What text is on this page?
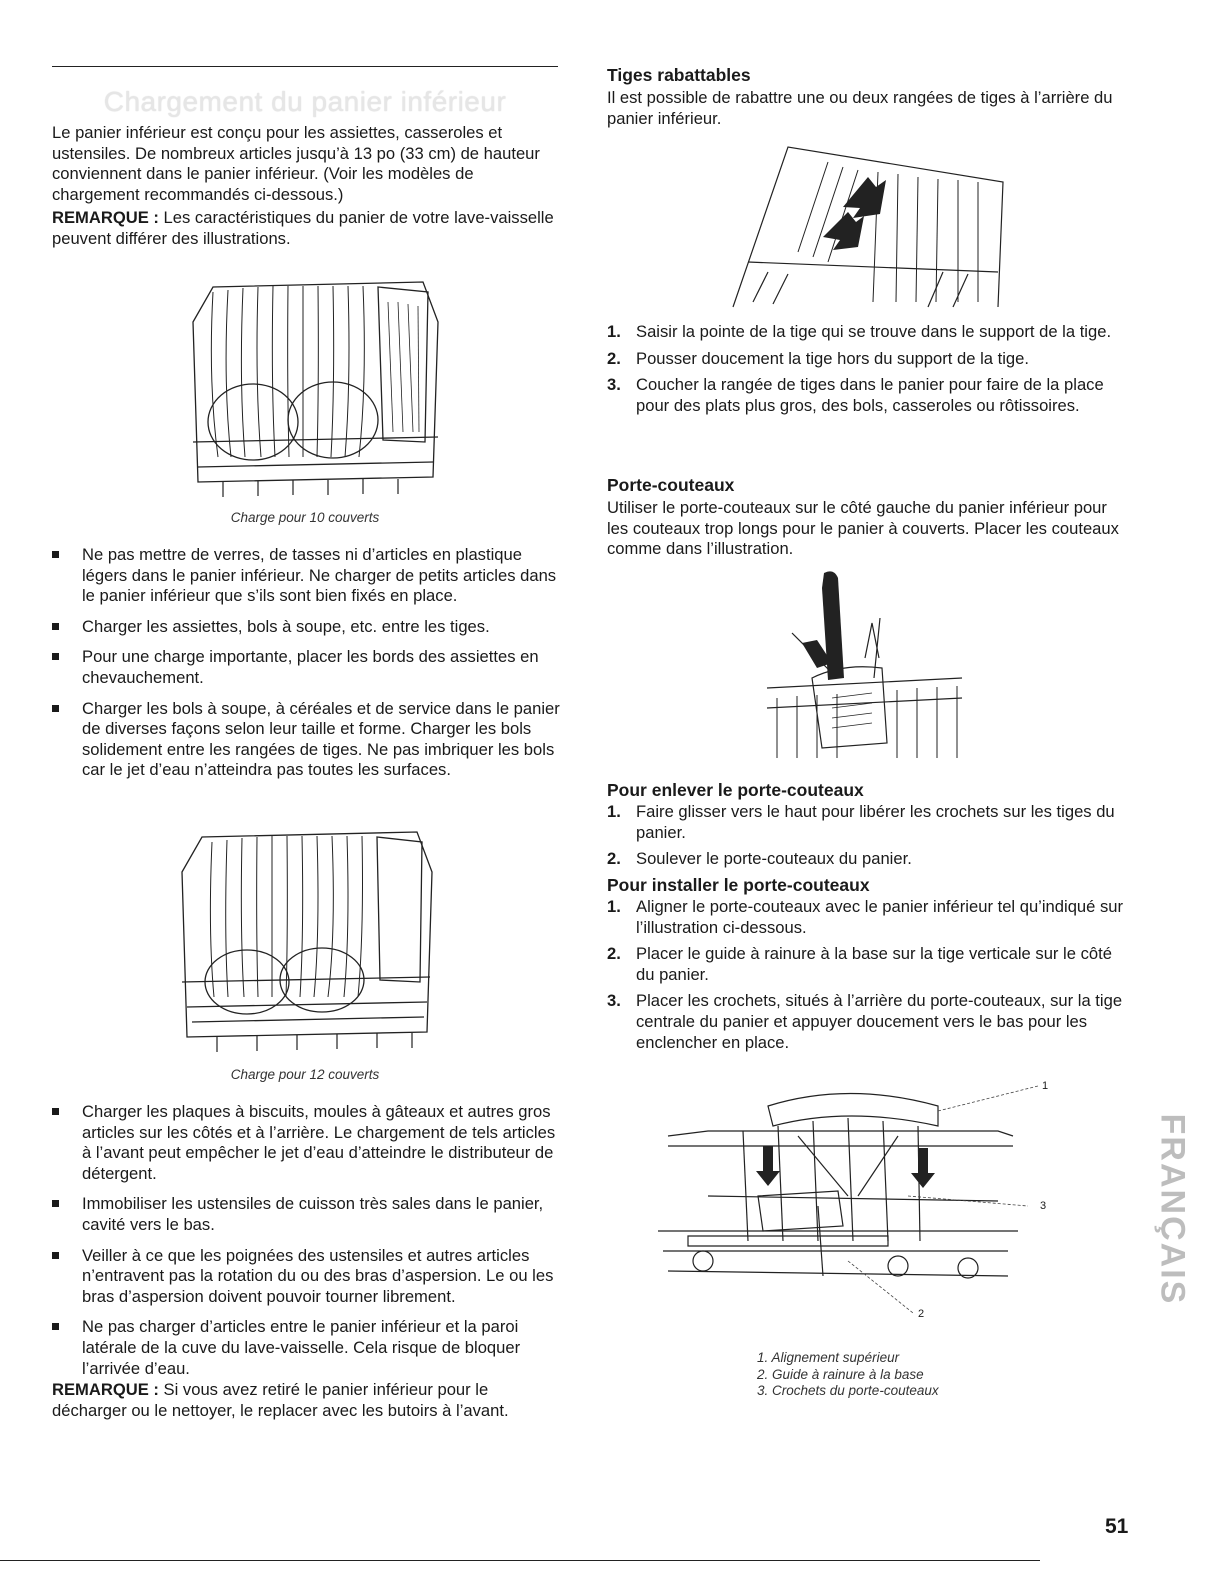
Chargement du panier inférieur

Le panier inférieur est conçu pour les assiettes, casseroles et ustensiles. De nombreux articles jusqu’à 13 po (33 cm) de hauteur conviennent dans le panier inférieur. (Voir les modèles de chargement recommandés ci-dessous.)

REMARQUE : Les caractéristiques du panier de votre lave-vaisselle peuvent différer des illustrations.

Charge pour 10 couverts
Ne pas mettre de verres, de tasses ni d’articles en plastique légers dans le panier inférieur. Ne charger de petits articles dans le panier inférieur que s’ils sont bien fixés en place.
Charger les assiettes, bols à soupe, etc. entre les tiges.
Pour une charge importante, placer les bords des assiettes en chevauchement.
Charger les bols à soupe, à céréales et de service dans le panier de diverses façons selon leur taille et forme. Charger les bols solidement entre les rangées de tiges. Ne pas imbriquer les bols car le jet d’eau n’atteindra pas toutes les surfaces.
Charge pour 12 couverts
Charger les plaques à biscuits, moules à gâteaux et autres gros articles sur les côtés et à l’arrière. Le chargement de tels articles à l’avant peut empêcher le jet d’eau d’atteindre le distributeur de détergent.
Immobiliser les ustensiles de cuisson très sales dans le panier, cavité vers le bas.
Veiller à ce que les poignées des ustensiles et autres articles n’entravent pas la rotation du ou des bras d’aspersion. Le ou les bras d’aspersion doivent pouvoir tourner librement.
Ne pas charger d’articles entre le panier inférieur et la paroi latérale de la cuve du lave-vaisselle. Cela risque de bloquer l’arrivée d’eau.

REMARQUE : Si vous avez retiré le panier inférieur pour le décharger ou le nettoyer, le replacer avec les butoirs à l’avant.

Tiges rabattables

Il est possible de rabattre une ou deux rangées de tiges à l’arrière du panier inférieur.

1. Saisir la pointe de la tige qui se trouve dans le support de la tige.
2. Pousser doucement la tige hors du support de la tige.
3. Coucher la rangée de tiges dans le panier pour faire de la place pour des plats plus gros, des bols, casseroles ou rôtissoires.
Porte-couteaux

Utiliser le porte-couteaux sur le côté gauche du panier inférieur pour les couteaux trop longs pour le panier à couverts. Placer les couteaux comme dans l’illustration.

Pour enlever le porte-couteaux
1. Faire glisser vers le haut pour libérer les crochets sur les tiges du panier.
2. Soulever le porte-couteaux du panier.
Pour installer le porte-couteaux
1. Aligner le porte-couteaux avec le panier inférieur tel qu’indiqué sur l’illustration ci-dessous.
2. Placer le guide à rainure à la base sur la tige verticale sur le côté du panier.
3. Placer les crochets, situés à l’arrière du porte-couteaux, sur la tige centrale du panier et appuyer doucement vers le bas pour les enclencher en place.
1
3
2
1. Alignement supérieur
2. Guide à rainure à la base
3. Crochets du porte-couteaux
FRANÇAIS
51
